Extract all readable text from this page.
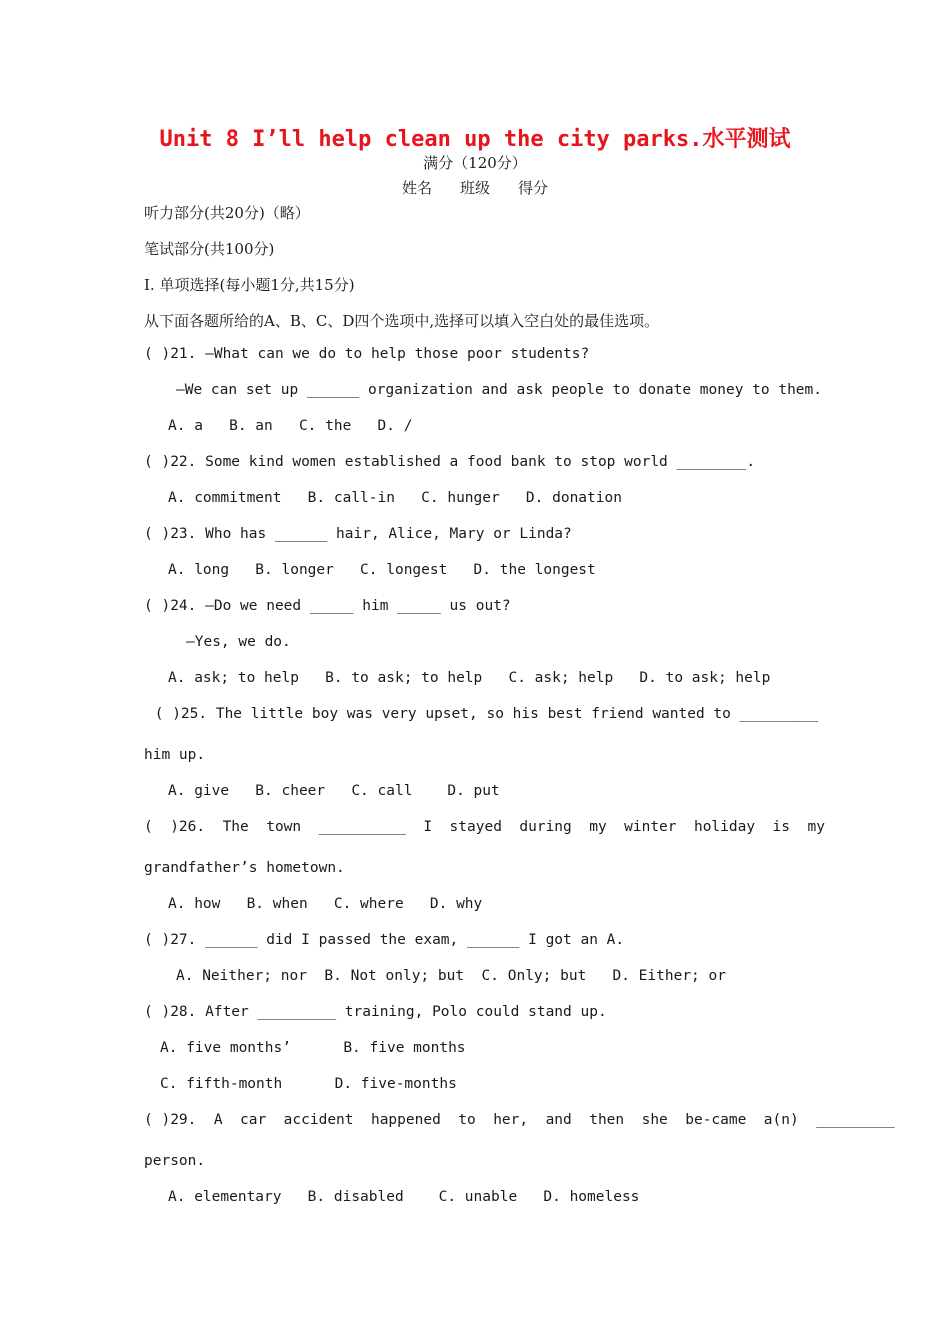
Unit 8 I’ll help clean up the city parks.水平测试
满分（120分）
姓名 班级 得分
听力部分(共20分)（略）
笔试部分(共100分)
I. 单项选择(每小题1分,共15分)
从下面各题所给的A、B、C、D四个选项中,选择可以填入空白处的最佳选项。
( )21. —What can we do to help those poor students?
—We can set up ______ organization and ask people to donate money to them.
A. a   B. an   C. the   D. /
( )22. Some kind women established a food bank to stop world ________.
A. commitment   B. call-in   C. hunger   D. donation
( )23. Who has ______ hair, Alice, Mary or Linda?
A. long   B. longer   C. longest   D. the longest
( )24. —Do we need _____ him _____ us out?
—Yes, we do.
A. ask; to help   B. to ask; to help   C. ask; help   D. to ask; help
( )25. The little boy was very upset, so his best friend wanted to _________
him up.
A. give   B. cheer   C. call    D. put
(  )26.  The  town  __________  I  stayed  during  my  winter  holiday  is  my
grandfather’s hometown.
A. how   B. when   C. where   D. why
( )27. ______ did I passed the exam, ______ I got an A.
A. Neither; nor  B. Not only; but  C. Only; but   D. Either; or
( )28. After _________ training, Polo could stand up.
A. five months’      B. five months
C. fifth-month      D. five-months
( )29.  A  car  accident  happened  to  her,  and  then  she  be-came  a(n)  _________
person.
A. elementary   B. disabled    C. unable   D. homeless
